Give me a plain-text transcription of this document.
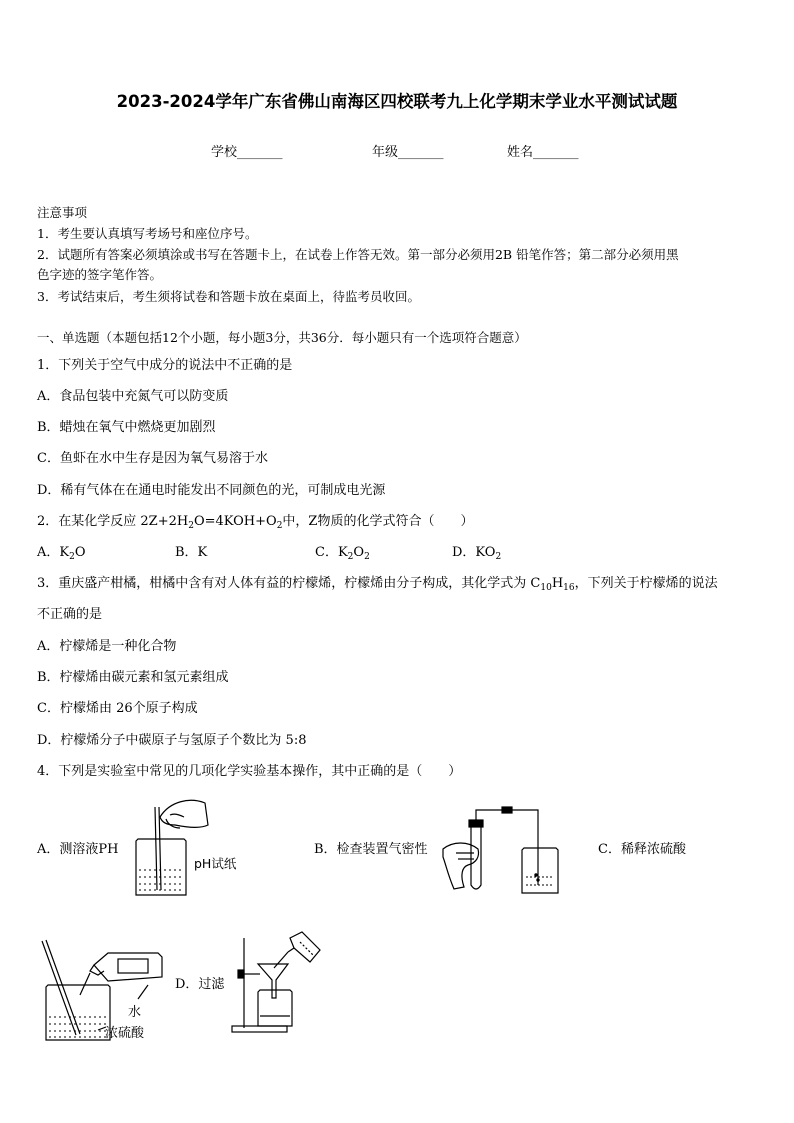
2023-2024学年广东省佛山南海区四校联考九上化学期末学业水平测试试题
学校_______	年级_______	姓名_______
注意事项
1．考生要认真填写考场号和座位序号。
2．试题所有答案必须填涂或书写在答题卡上，在试卷上作答无效。第一部分必须用2B 铅笔作答；第二部分必须用黑
色字迹的签字笔作答。
3．考试结束后，考生须将试卷和答题卡放在桌面上，待监考员收回。
一、单选题（本题包括12个小题，每小题3分，共36分．每小题只有一个选项符合题意）
1．下列关于空气中成分的说法中不正确的是
A．食品包装中充氮气可以防变质
B．蜡烛在氧气中燃烧更加剧烈
C．鱼虾在水中生存是因为氧气易溶于水
D．稀有气体在在通电时能发出不同颜色的光，可制成电光源
2．在某化学反应 $2Z+2H_2O=4KOH+O_2$中，Z物质的化学式符合（　　）
A．$K_2O$	B．K	C．$K_2O_2$	D．$KO_2$
3．重庆盛产柑橘，柑橘中含有对人体有益的柠檬烯，柠檬烯由分子构成，其化学式为 $C_{10}H_{16}$，下列关于柠檬烯的说法
不正确的是
A．柠檬烯是一种化合物
B．柠檬烯由碳元素和氢元素组成
C．柠檬烯由 26个原子构成
D．柠檬烯分子中碳原子与氢原子个数比为 5:8
4．下列是实验室中常见的几项化学实验基本操作，其中正确的是（　　）
A．测溶液PH	B．检查装置气密性	C．稀释浓硫酸
D．过滤
pH试纸
水
浓硫酸
